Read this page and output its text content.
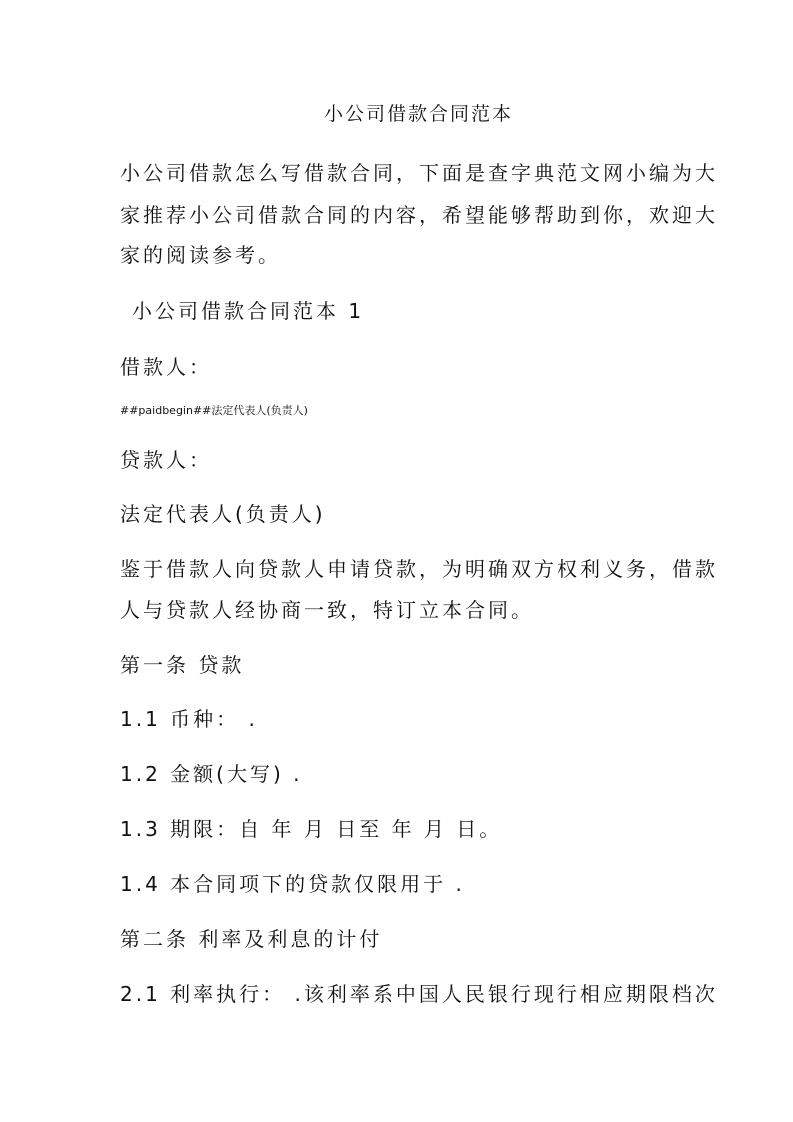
小公司借款合同范本
小公司借款怎么写借款合同，下面是查字典范文网小编为大
家推荐小公司借款合同的内容，希望能够帮助到你，欢迎大
家的阅读参考。
小公司借款合同范本 1
借款人：
##paidbegin##法定代表人(负责人)
贷款人：
法定代表人(负责人)
鉴于借款人向贷款人申请贷款，为明确双方权利义务，借款
人与贷款人经协商一致，特订立本合同。
第一条 贷款
1.1 币种： .
1.2 金额(大写) .
1.3 期限：自 年 月 日至 年 月 日。
1.4 本合同项下的贷款仅限用于 .
第二条 利率及利息的计付
2.1 利率执行： .该利率系中国人民银行现行相应期限档次
